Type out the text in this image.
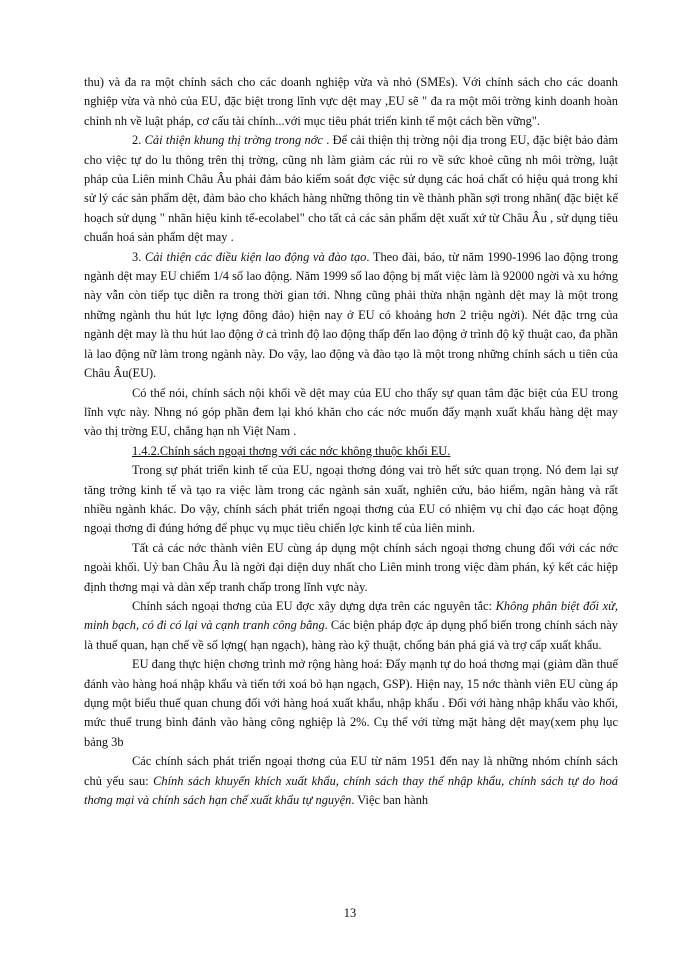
thu) và đa ra một chính sách cho các doanh nghiệp vừa và nhỏ (SMEs). Với chính sách cho các doanh nghiệp vừa và nhỏ của EU, đặc biệt trong lĩnh vực dệt may ,EU sẽ " đa ra một môi trờng kinh doanh hoàn chỉnh nh về luật pháp, cơ cấu tài chính...với mục tiêu phát triển kinh tế một cách bền vững".

2. Cải thiện khung thị trờng trong nớc . Để cải thiện thị trờng nội địa trong EU, đặc biệt bảo đảm cho việc tự do lu thông trên thị trờng, cũng nh làm giảm các rủi ro về sức khoẻ cũng nh môi trờng, luật pháp của Liên minh Châu Âu phải đảm bảo kiểm soát đợc việc sử dụng các hoá chất có hiệu quả trong khi sử lý các sản phẩm dệt, đảm bảo cho khách hàng những thông tin về thành phần sợi trong nhãn( đặc biệt kế hoạch sử dụng " nhãn hiệu kinh tế-ecolabel" cho tất cả các sản phẩm dệt xuất xứ từ Châu Âu , sử dụng tiêu chuẩn hoá sản phẩm dệt may .

3. Cải thiện các điều kiện lao động và đào tạo. Theo đài, báo, từ năm 1990-1996 lao động trong ngành dệt may EU chiếm 1/4 số lao động. Năm 1999 số lao động bị mất việc làm là 92000 ngời và xu hớng này vẫn còn tiếp tục diễn ra trong thời gian tới. Nhng cũng phải thừa nhận ngành dệt may là một trong những ngành thu hút lực lợng đông đảo) hiện nay ở EU có khoảng hơn 2 triệu ngời). Nét đặc trng của ngành dệt may là thu hút lao động ở cả trình độ lao động thấp đến lao động ở trình độ kỹ thuật cao, đa phần là lao động nữ làm trong ngành này. Do vậy, lao động và đào tạo là một trong những chính sách u tiên của Châu Âu(EU).

Có thể nói, chính sách nội khối về dệt may của EU cho thấy sự quan tâm đặc biệt của EU trong lĩnh vực này. Nhng nó góp phần đem lại khó khăn cho các nớc muốn đẩy mạnh xuất khẩu hàng dệt may vào thị trờng EU, chẳng hạn nh Việt Nam .

1.4.2.Chính sách ngoại thơng với các nớc không thuộc khối EU.

Trong sự phát triển kinh tế của EU, ngoại thơng đóng vai trò hết sức quan trọng. Nó đem lại sự tăng trởng kinh tế và tạo ra việc làm trong các ngành sản xuất, nghiên cứu, bảo hiểm, ngân hàng và rất nhiều ngành khác. Do vậy, chính sách phát triển ngoại thơng của EU có nhiệm vụ chỉ đạo các hoạt động ngoại thơng đi đúng hớng để phục vụ mục tiêu chiến lợc kinh tế của liên minh.

Tất cả các nớc thành viên EU cùng áp dụng một chính sách ngoại thơng chung đối với các nớc ngoài khối. Uỷ ban Châu Âu là ngời đại diện duy nhất cho Liên minh trong việc đàm phán, ký kết các hiệp định thơng mại và dàn xếp tranh chấp trong lĩnh vực này.

Chính sách ngoại thơng của EU đợc xây dựng dựa trên các nguyên tắc: Không phân biệt đối xử, minh bạch, có đi có lại và cạnh tranh công bằng. Các biện pháp đợc áp dụng phổ biến trong chính sách này là thuế quan, hạn chế về số lợng( hạn ngạch), hàng rào kỹ thuật, chống bán phá giá và trợ cấp xuất khẩu.

EU đang thực hiện chơng trình mở rộng hàng hoá: Đẩy mạnh tự do hoá thơng mại (giảm dần thuế đánh vào hàng hoá nhập khẩu và tiến tới xoá bỏ hạn ngạch, GSP). Hiện nay, 15 nớc thành viên EU cùng áp dụng một biểu thuế quan chung đối với hàng hoá xuất khẩu, nhập khẩu . Đối với hàng nhập khẩu vào khối, mức thuế trung bình đánh vào hàng công nghiệp là 2%. Cụ thể với từng mặt hàng dệt may(xem phụ lục bảng 3b

Các chính sách phát triển ngoại thơng của EU từ năm 1951 đến nay là những nhóm chính sách chủ yếu sau: Chính sách khuyến khích xuất khẩu, chính sách thay thế nhập khẩu, chính sách tự do hoá thơng mại và chính sách hạn chế xuất khẩu tự nguyện. Việc ban hành

13
